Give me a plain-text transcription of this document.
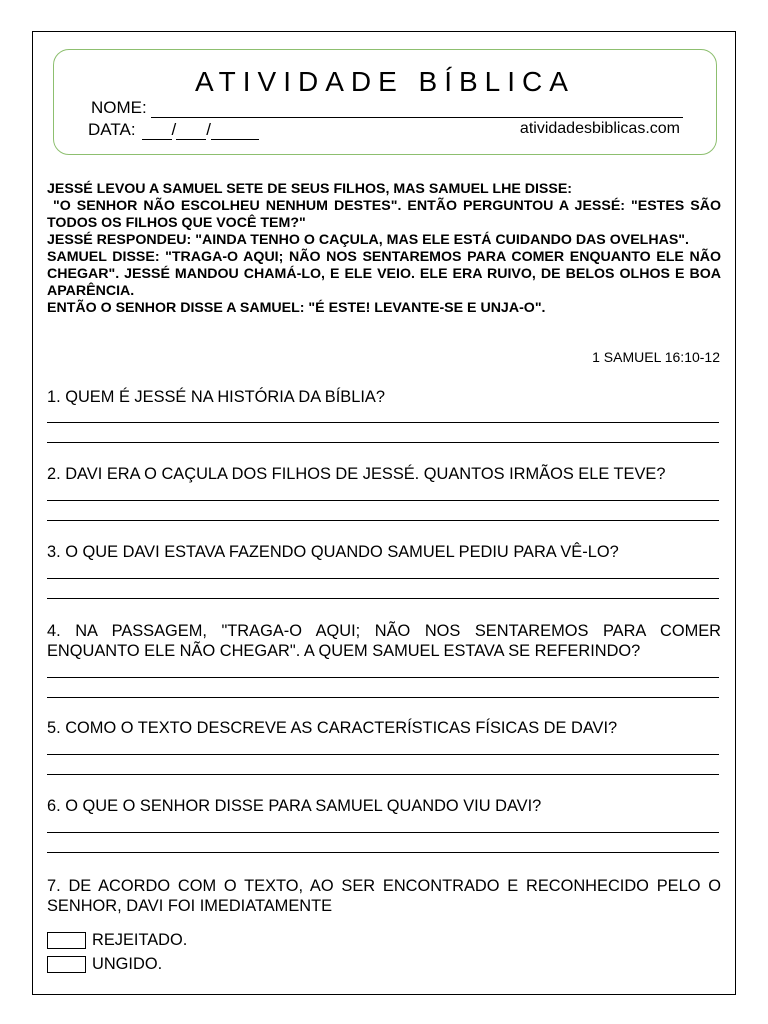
ATIVIDADE BÍBLICA
NOME:
DATA: / /	atividadesbiblicas.com

JESSÉ LEVOU A SAMUEL SETE DE SEUS FILHOS, MAS SAMUEL LHE DISSE:

"O SENHOR NÃO ESCOLHEU NENHUM DESTES". ENTÃO PERGUNTOU A JESSÉ: "ESTES SÃO TODOS OS FILHOS QUE VOCÊ TEM?"

JESSÉ RESPONDEU: "AINDA TENHO O CAÇULA, MAS ELE ESTÁ CUIDANDO DAS OVELHAS".

SAMUEL DISSE: "TRAGA-O AQUI; NÃO NOS SENTAREMOS PARA COMER ENQUANTO ELE NÃO CHEGAR". JESSÉ MANDOU CHAMÁ-LO, E ELE VEIO. ELE ERA RUIVO, DE BELOS OLHOS E BOA APARÊNCIA.

ENTÃO O SENHOR DISSE A SAMUEL: "É ESTE! LEVANTE-SE E UNJA-O".

1 SAMUEL 16:10-12
1. QUEM É JESSÉ NA HISTÓRIA DA BÍBLIA?
2. DAVI ERA O CAÇULA DOS FILHOS DE JESSÉ. QUANTOS IRMÃOS ELE TEVE?
3. O QUE DAVI ESTAVA FAZENDO QUANDO SAMUEL PEDIU PARA VÊ-LO?
4. NA PASSAGEM, "TRAGA-O AQUI; NÃO NOS SENTAREMOS PARA COMER ENQUANTO ELE NÃO CHEGAR". A QUEM SAMUEL ESTAVA SE REFERINDO?
5. COMO O TEXTO DESCREVE AS CARACTERÍSTICAS FÍSICAS DE DAVI?
6. O QUE O SENHOR DISSE PARA SAMUEL QUANDO VIU DAVI?
7. DE ACORDO COM O TEXTO, AO SER ENCONTRADO E RECONHECIDO PELO O SENHOR, DAVI FOI IMEDIATAMENTE
REJEITADO.
UNGIDO.
